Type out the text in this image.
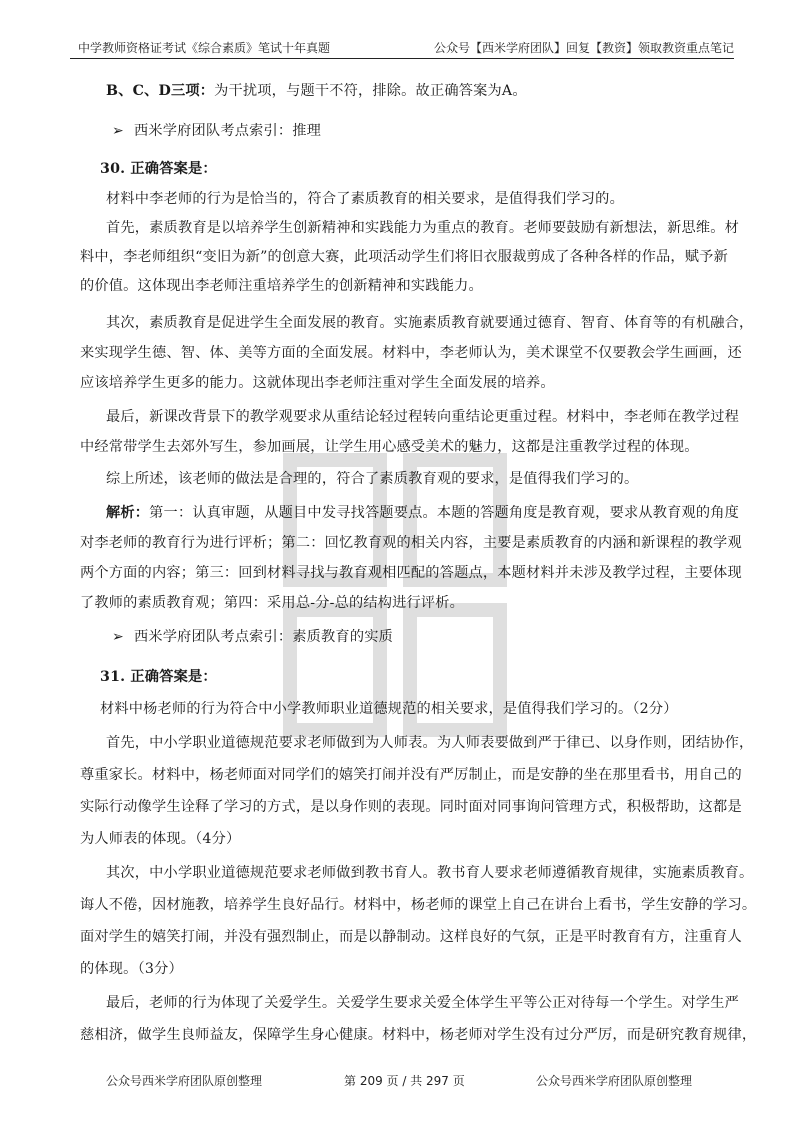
中学教师资格证考试《综合素质》笔试十年真题	公众号【西米学府团队】回复【教资】领取教资重点笔记
B、C、D三项：为干扰项，与题干不符，排除。故正确答案为A。
➢ 西米学府团队考点索引：推理
30. 正确答案是：
材料中李老师的行为是恰当的，符合了素质教育的相关要求，是值得我们学习的。
首先，素质教育是以培养学生创新精神和实践能力为重点的教育。老师要鼓励有新想法，新思维。材
料中，李老师组织“变旧为新”的创意大赛，此项活动学生们将旧衣服裁剪成了各种各样的作品，赋予新
的价值。这体现出李老师注重培养学生的创新精神和实践能力。
其次，素质教育是促进学生全面发展的教育。实施素质教育就要通过德育、智育、体育等的有机融合，
来实现学生德、智、体、美等方面的全面发展。材料中，李老师认为，美术课堂不仅要教会学生画画，还
应该培养学生更多的能力。这就体现出李老师注重对学生全面发展的培养。
最后，新课改背景下的教学观要求从重结论轻过程转向重结论更重过程。材料中，李老师在教学过程
中经常带学生去郊外写生，参加画展，让学生用心感受美术的魅力，这都是注重教学过程的体现。
综上所述，该老师的做法是合理的，符合了素质教育观的要求，是值得我们学习的。
解析：第一：认真审题，从题目中发寻找答题要点。本题的答题角度是教育观，要求从教育观的角度
对李老师的教育行为进行评析；第二：回忆教育观的相关内容，主要是素质教育的内涵和新课程的教学观
两个方面的内容；第三：回到材料寻找与教育观相匹配的答题点，本题材料并未涉及教学过程，主要体现
了教师的素质教育观；第四：采用总-分-总的结构进行评析。
➢ 西米学府团队考点索引：素质教育的实质
31. 正确答案是：
材料中杨老师的行为符合中小学教师职业道德规范的相关要求，是值得我们学习的。（2分）
首先，中小学职业道德规范要求老师做到为人师表。为人师表要做到严于律已、以身作则，团结协作，
尊重家长。材料中，杨老师面对同学们的嬉笑打闹并没有严厉制止，而是安静的坐在那里看书，用自己的
实际行动像学生诠释了学习的方式，是以身作则的表现。同时面对同事询问管理方式，积极帮助，这都是
为人师表的体现。（4分）
其次，中小学职业道德规范要求老师做到教书育人。教书育人要求老师遵循教育规律，实施素质教育。
诲人不倦，因材施教，培养学生良好品行。材料中，杨老师的课堂上自己在讲台上看书，学生安静的学习。
面对学生的嬉笑打闹，并没有强烈制止，而是以静制动。这样良好的气氛，正是平时教育有方，注重育人
的体现。（3分）
最后，老师的行为体现了关爱学生。关爱学生要求关爱全体学生平等公正对待每一个学生。对学生严
慈相济，做学生良师益友，保障学生身心健康。材料中，杨老师对学生没有过分严厉，而是研究教育规律，
公众号西米学府团队原创整理	第 209 页 / 共 297 页	公众号西米学府团队原创整理
